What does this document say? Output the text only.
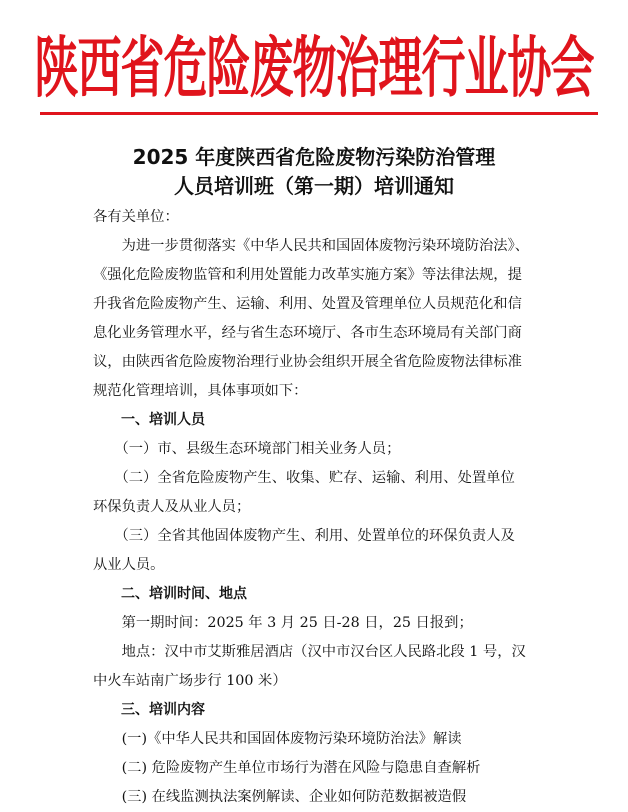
陕西省危险废物治理行业协会
2025 年度陕西省危险废物污染防治管理
人员培训班（第一期）培训通知
各有关单位：
　　为进一步贯彻落实《中华人民共和国固体废物污染环境防治法》、
《强化危险废物监管和利用处置能力改革实施方案》等法律法规，提
升我省危险废物产生、运输、利用、处置及管理单位人员规范化和信
息化业务管理水平，经与省生态环境厅、各市生态环境局有关部门商
议，由陕西省危险废物治理行业协会组织开展全省危险废物法律标准
规范化管理培训，具体事项如下：
　　一、培训人员
　　（一）市、县级生态环境部门相关业务人员；
　　（二）全省危险废物产生、收集、贮存、运输、利用、处置单位
环保负责人及从业人员；
　　（三）全省其他固体废物产生、利用、处置单位的环保负责人及
从业人员。
　　二、培训时间、地点
　　第一期时间：2025 年 3 月 25 日-28 日，25 日报到；
　　地点：汉中市艾斯雅居酒店（汉中市汉台区人民路北段 1 号，汉
中火车站南广场步行 100 米）
　　三、培训内容
　　(一)《中华人民共和国固体废物污染环境防治法》解读
　　(二) 危险废物产生单位市场行为潜在风险与隐患自查解析
　　(三) 在线监测执法案例解读、企业如何防范数据被造假
